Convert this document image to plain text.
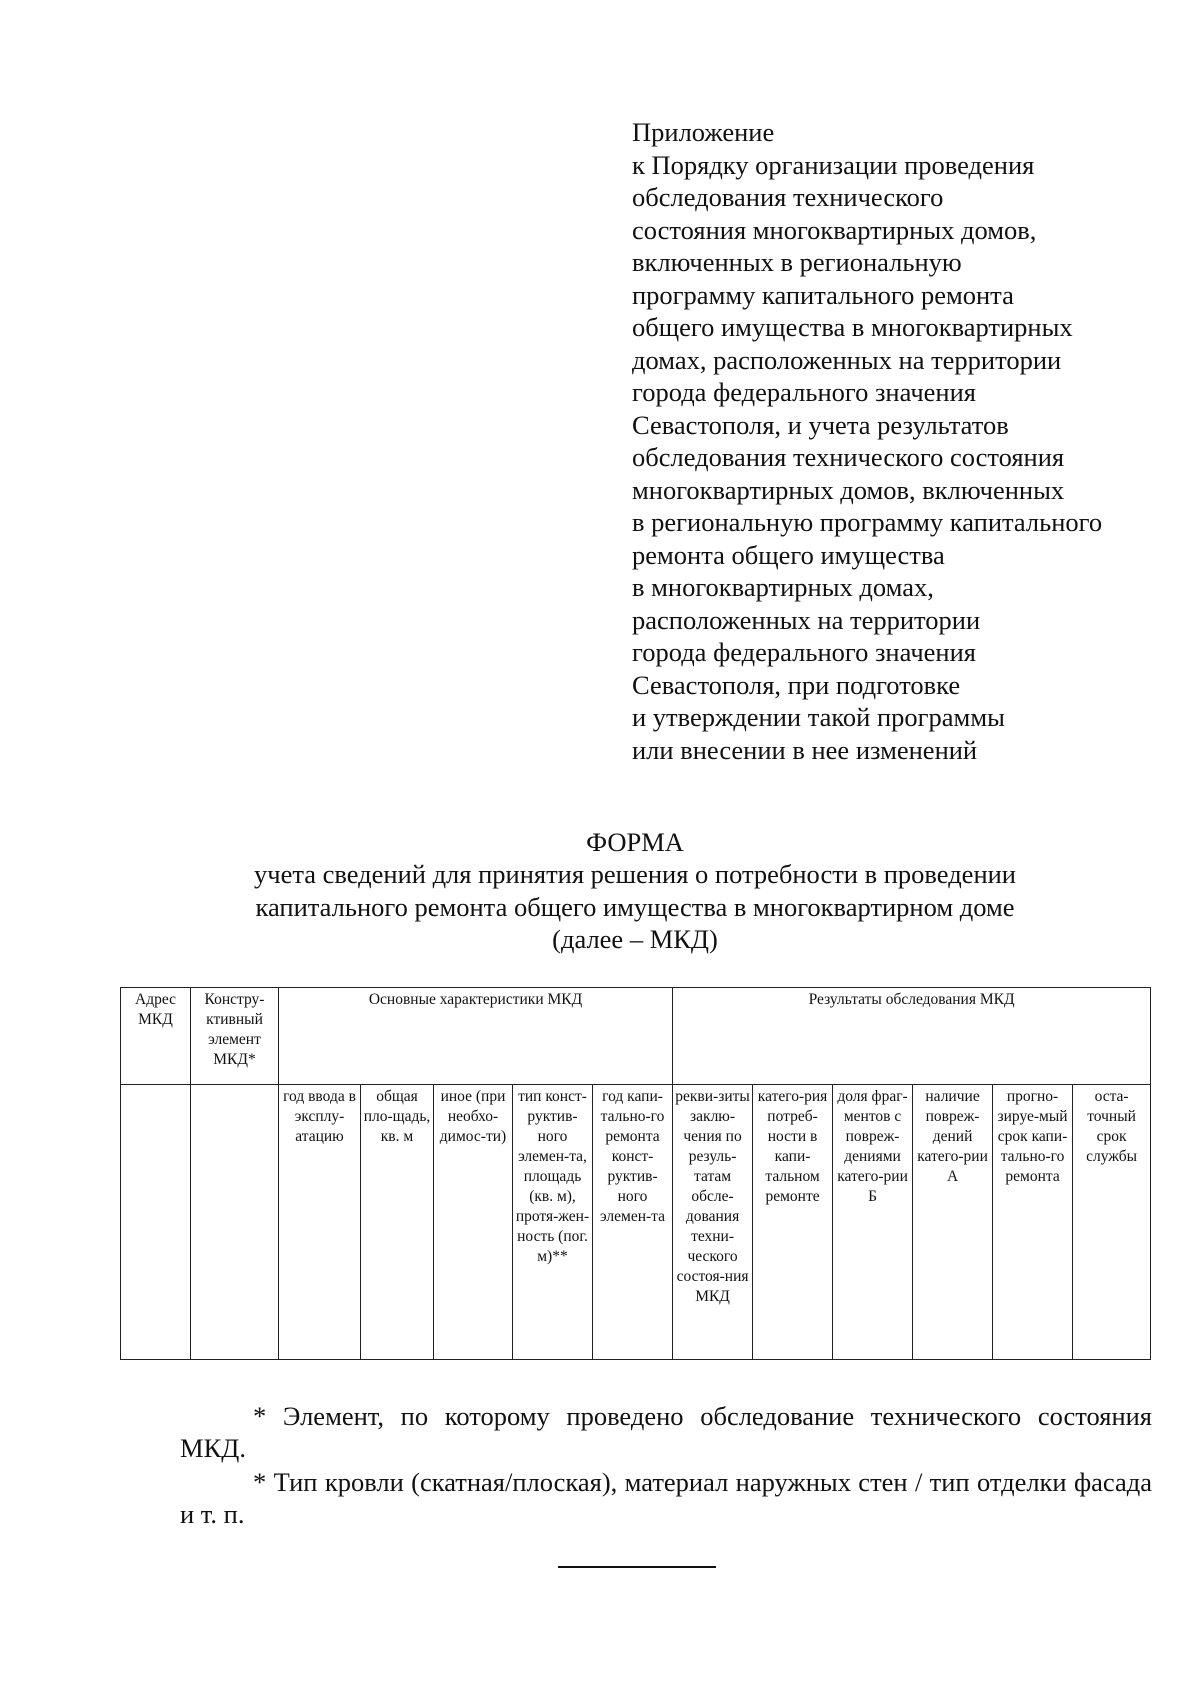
Приложение
к Порядку организации проведения
обследования технического
состояния многоквартирных домов,
включенных в региональную
программу капитального ремонта
общего имущества в многоквартирных
домах, расположенных на территории
города федерального значения
Севастополя, и учета результатов
обследования технического состояния
многоквартирных домов, включенных
в региональную программу капитального
ремонта общего имущества
в многоквартирных домах,
расположенных на территории
города федерального значения
Севастополя, при подготовке
и утверждении такой программы
или внесении в нее изменений
ФОРМА
учета сведений для принятия решения о потребности в проведении
капитального ремонта общего имущества в многоквартирном доме
(далее – МКД)
Адрес МКД	Констру-ктивный элемент МКД*	Основные характеристики МКД					Результаты обследования МКД					
		год ввода в эксплу-атацию	общая пло-щадь, кв. м	иное (при необхо-димос-ти)	тип конст-руктив-ного элемен-та, площадь (кв. м), протя-жен-ность (пог. м)**	год капи-тально-го ремонта конст-руктив-ного элемен-та	рекви-зиты заклю-чения по резуль-татам обсле-дования техни-ческого состоя-ния МКД	катего-рия потреб-ности в капи-тальном ремонте	доля фраг-ментов с повреж-дениями катего-рии Б	наличие повреж-дений катего-рии А	прогно-зируе-мый срок капи-тально-го ремонта	оста-точный срок службы
* Элемент, по которому проведено обследование технического состояния МКД.
* Тип кровли (скатная/плоская), материал наружных стен / тип отделки фасада и т. п.
